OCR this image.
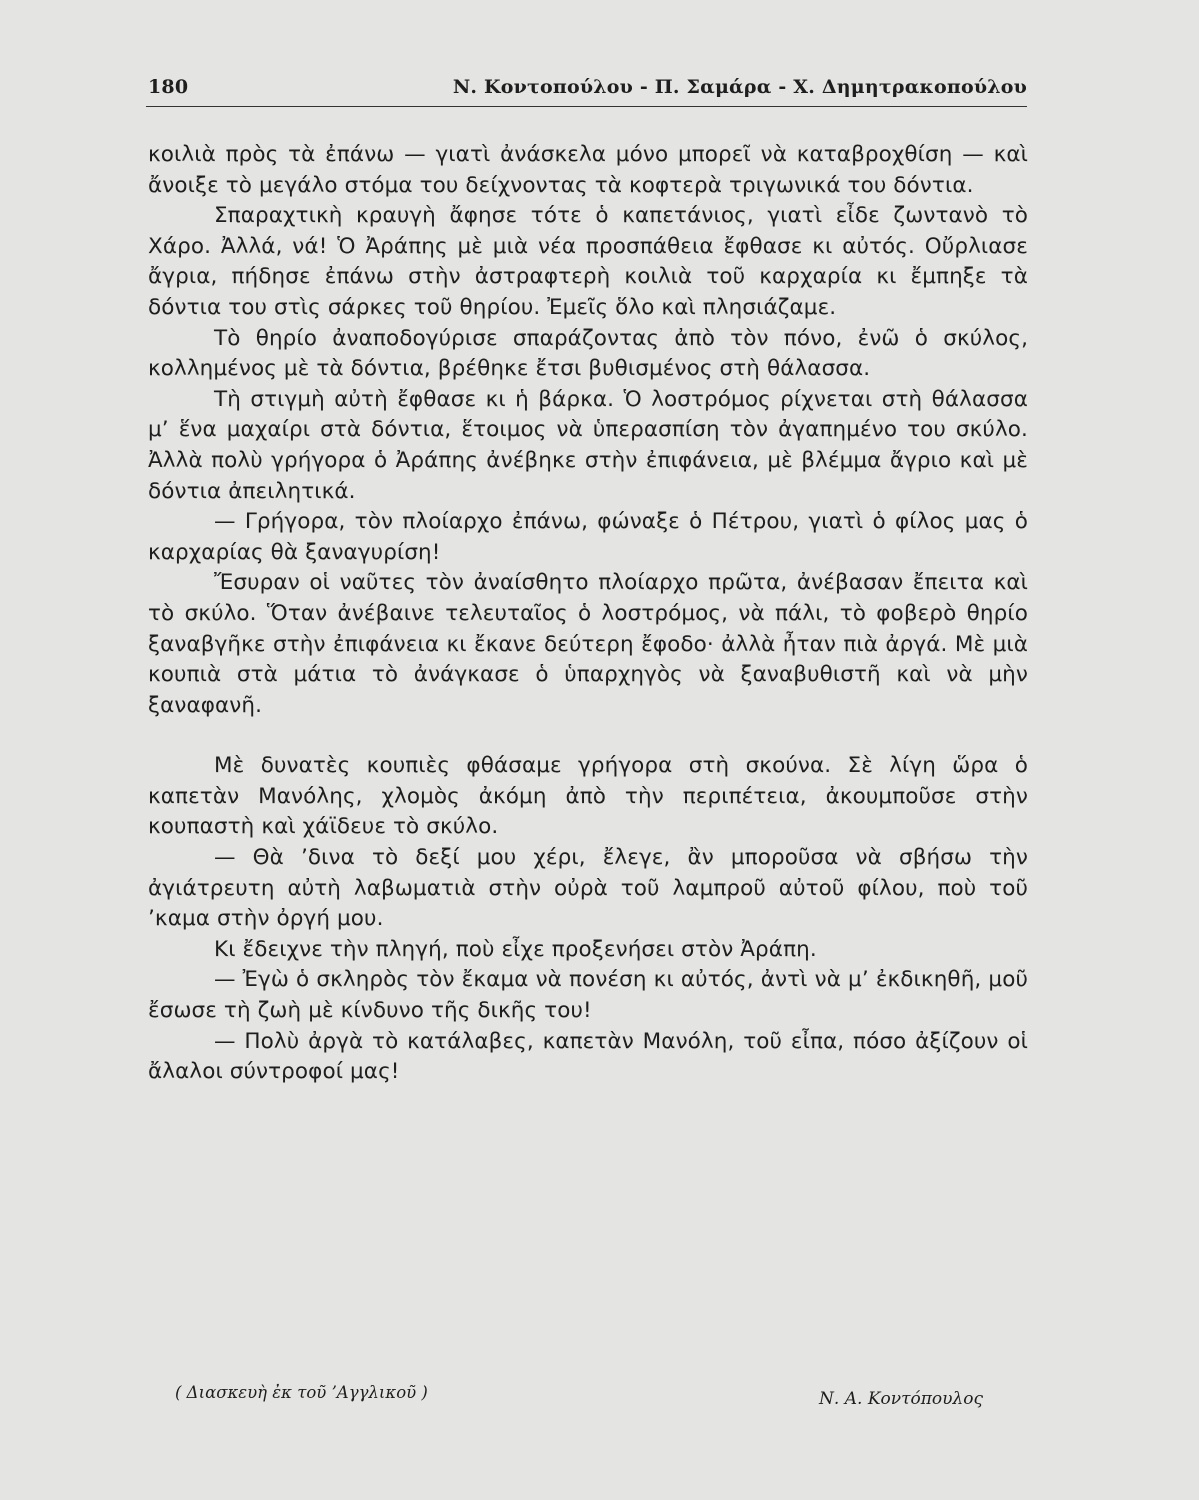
180	Ν. Κοντοπούλου - Π. Σαμάρα - Χ. Δημητρακοπούλου

κοιλιὰ πρὸς τὰ ἐπάνω — γιατὶ ἀνάσκελα μόνο μπορεῖ νὰ καταβροχθίση — καὶ ἄνοιξε τὸ μεγάλο στόμα του δείχνοντας τὰ κοφτερὰ τριγωνικά του δόντια.

Σπαραχτικὴ κραυγὴ ἄφησε τότε ὁ καπετάνιος, γιατὶ εἶδε ζωντανὸ τὸ Χάρο. Ἀλλά, νά! Ὁ Ἀράπης μὲ μιὰ νέα προσπάθεια ἔφθασε κι αὐτός. Οὔρλιασε ἄγρια, πήδησε ἐπάνω στὴν ἀστραφτερὴ κοιλιὰ τοῦ καρχαρία κι ἔμπηξε τὰ δόντια του στὶς σάρκες τοῦ θηρίου. Ἐμεῖς ὅλο καὶ πλησιάζαμε.

Τὸ θηρίο ἀναποδογύρισε σπαράζοντας ἀπὸ τὸν πόνο, ἐνῶ ὁ σκύλος, κολλημένος μὲ τὰ δόντια, βρέθηκε ἔτσι βυθισμένος στὴ θάλασσα.

Τὴ στιγμὴ αὐτὴ ἔφθασε κι ἡ βάρκα. Ὁ λοστρόμος ρίχνεται στὴ θάλασσα μ’ ἕνα μαχαίρι στὰ δόντια, ἕτοιμος νὰ ὑπερασπίση τὸν ἀγαπημένο του σκύλο. Ἀλλὰ πολὺ γρήγορα ὁ Ἀράπης ἀνέβηκε στὴν ἐπιφάνεια, μὲ βλέμμα ἄγριο καὶ μὲ δόντια ἀπειλητικά.

— Γρήγορα, τὸν πλοίαρχο ἐπάνω, φώναξε ὁ Πέτρου, γιατὶ ὁ φίλος μας ὁ καρχαρίας θὰ ξαναγυρίση!

Ἔσυραν οἱ ναῦτες τὸν ἀναίσθητο πλοίαρχο πρῶτα, ἀνέβασαν ἔπειτα καὶ τὸ σκύλο. Ὅταν ἀνέβαινε τελευταῖος ὁ λοστρόμος, νὰ πάλι, τὸ φοβερὸ θηρίο ξαναβγῆκε στὴν ἐπιφάνεια κι ἔκανε δεύτερη ἔφοδο· ἀλλὰ ἦταν πιὰ ἀργά. Μὲ μιὰ κουπιὰ στὰ μάτια τὸ ἀνάγκασε ὁ ὑπαρχηγὸς νὰ ξαναβυθιστῆ καὶ νὰ μὴν ξαναφανῆ.

Μὲ δυνατὲς κουπιὲς φθάσαμε γρήγορα στὴ σκούνα. Σὲ λίγη ὥρα ὁ καπετὰν Μανόλης, χλομὸς ἀκόμη ἀπὸ τὴν περιπέτεια, ἀκουμποῦσε στὴν κουπαστὴ καὶ χάϊδευε τὸ σκύλο.

— Θὰ ’δινα τὸ δεξί μου χέρι, ἔλεγε, ἂν μποροῦσα νὰ σβήσω τὴν ἀγιάτρευτη αὐτὴ λαβωματιὰ στὴν οὐρὰ τοῦ λαμπροῦ αὐτοῦ φίλου, ποὺ τοῦ ’καμα στὴν ὀργή μου.

Κι ἔδειχνε τὴν πληγή, ποὺ εἶχε προξενήσει στὸν Ἀράπη.

— Ἐγὼ ὁ σκληρὸς τὸν ἔκαμα νὰ πονέση κι αὐτός, ἀντὶ νὰ μ’ ἐκδικηθῆ, μοῦ ἔσωσε τὴ ζωὴ μὲ κίνδυνο τῆς δικῆς του!

— Πολὺ ἀργὰ τὸ κατάλαβες, καπετὰν Μανόλη, τοῦ εἶπα, πόσο ἀξίζουν οἱ ἄλαλοι σύντροφοί μας!

( Διασκευὴ ἐκ τοῦ ’Αγγλικοῦ )	Ν. Α. Κοντόπουλος
